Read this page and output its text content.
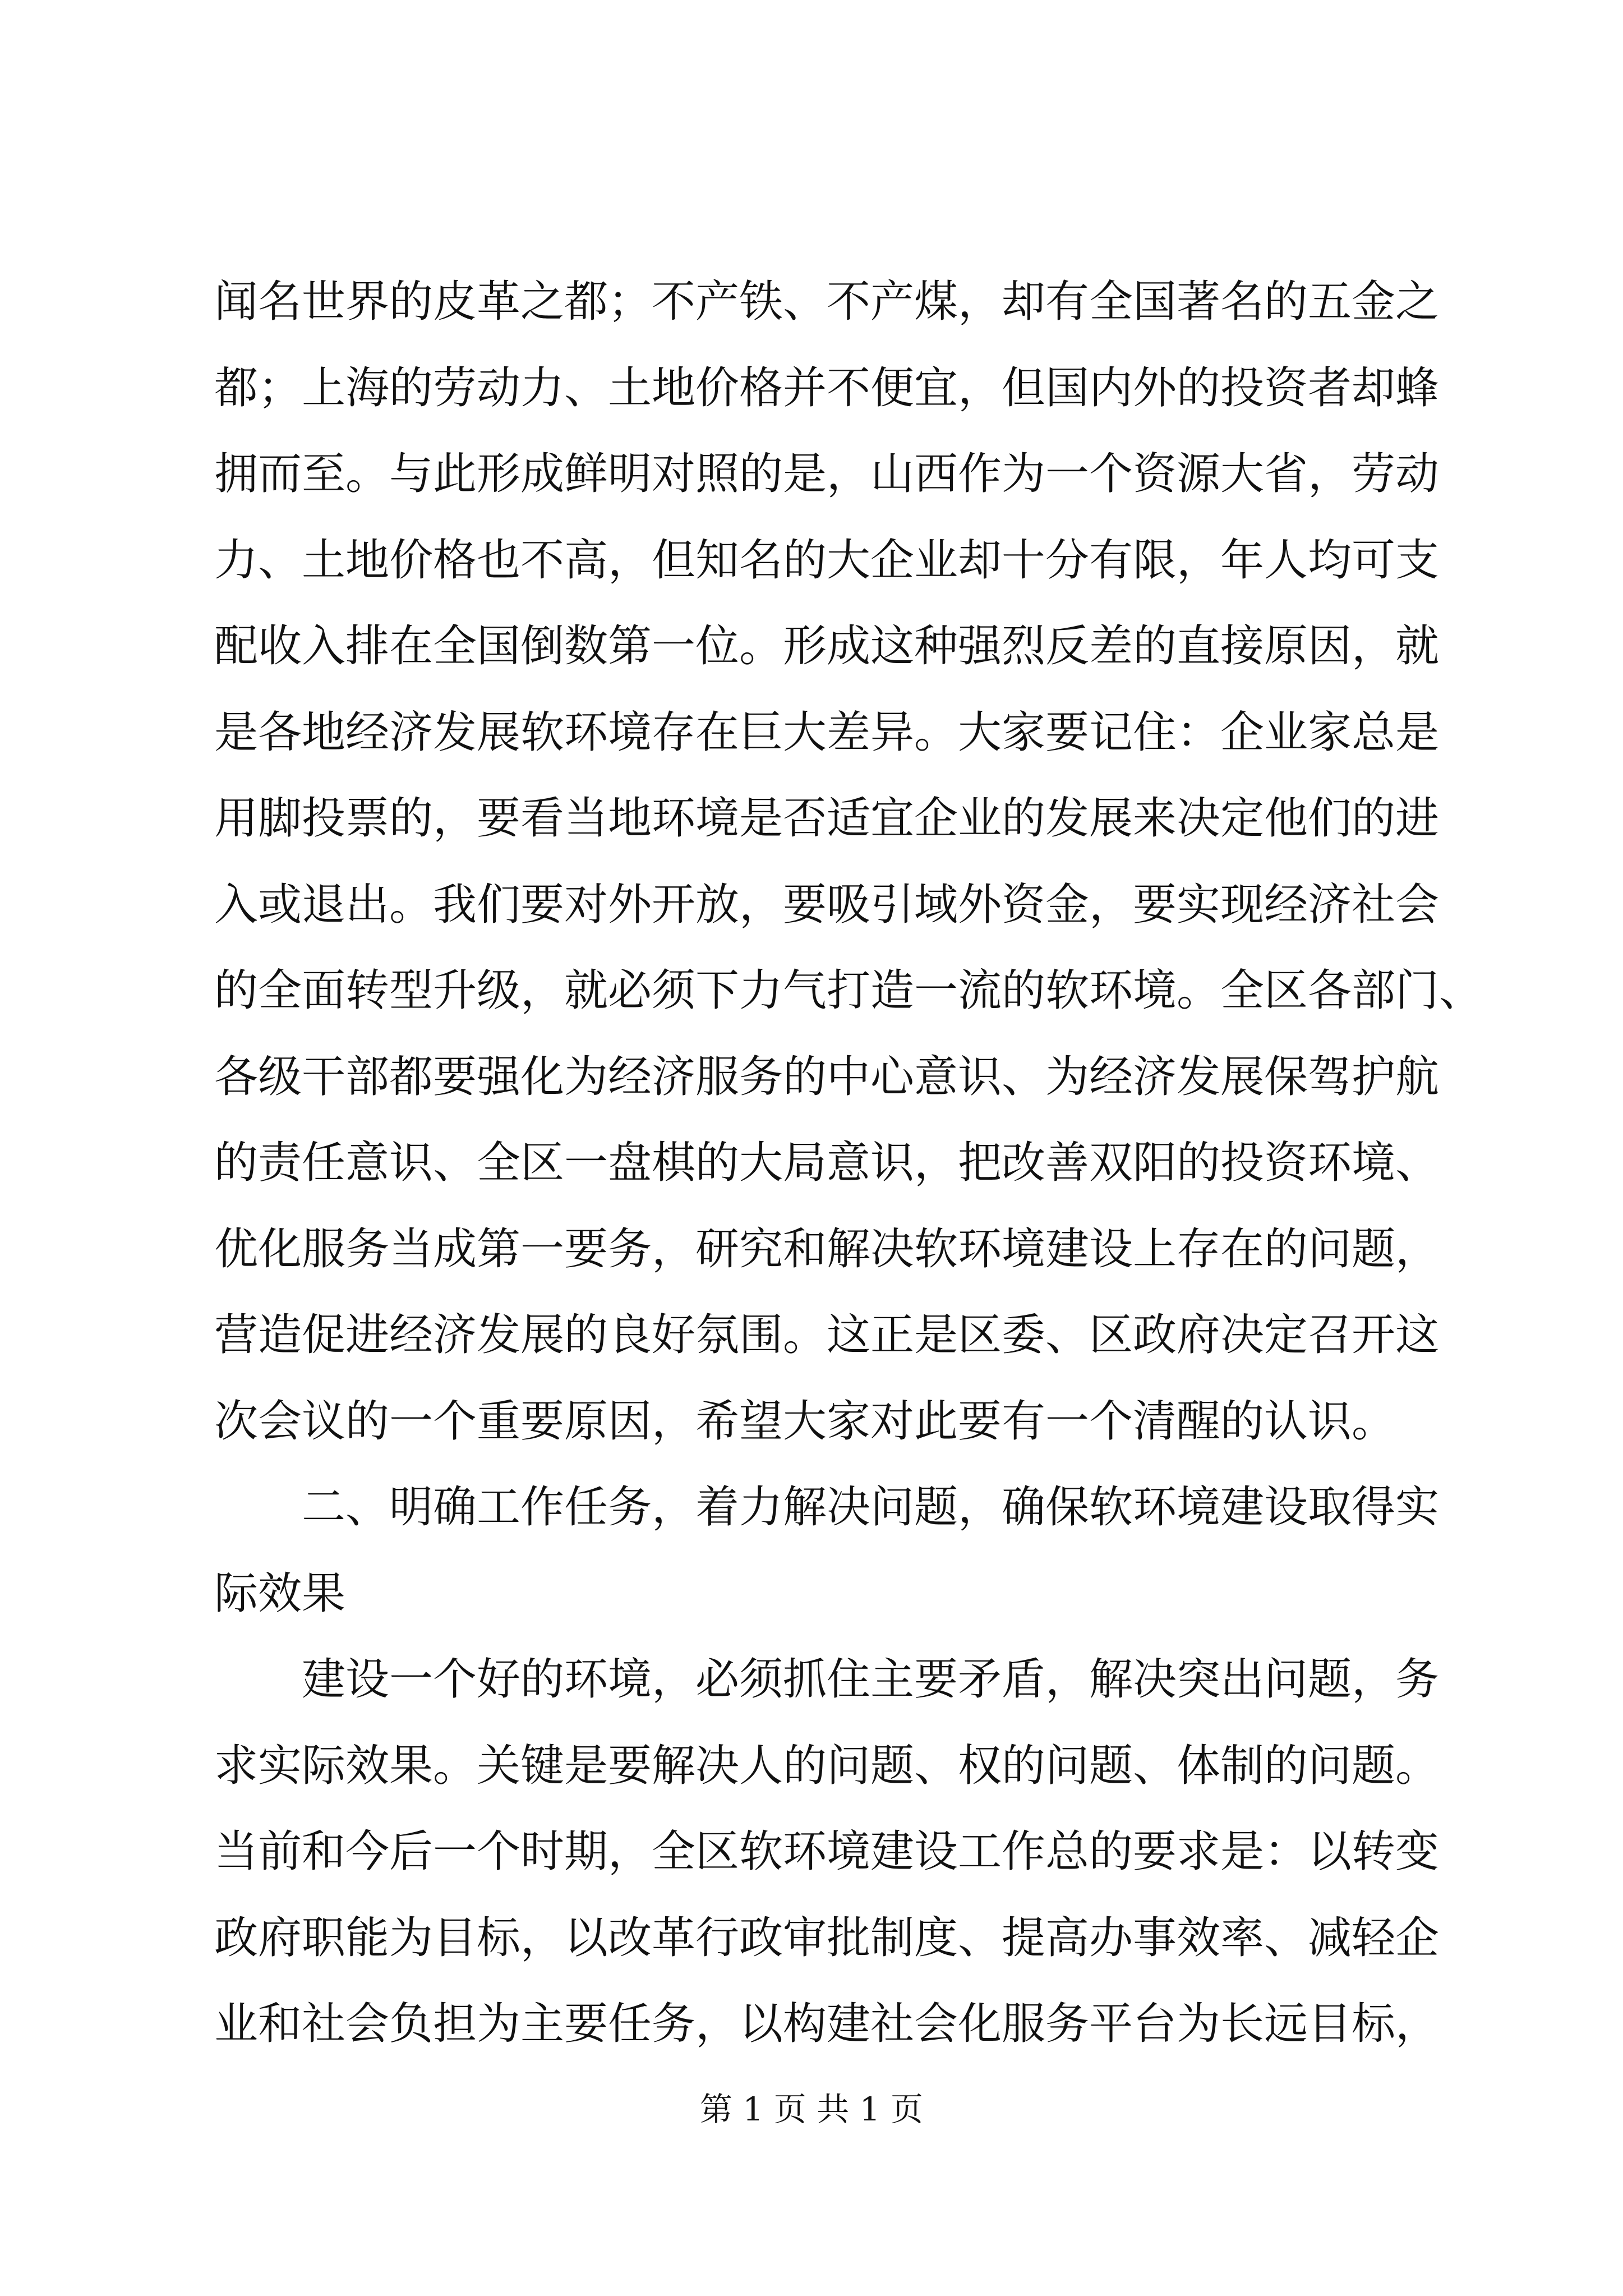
闻名世界的皮革之都；不产铁、不产煤，却有全国著名的五金之
都；上海的劳动力、土地价格并不便宜，但国内外的投资者却蜂
拥而至。与此形成鲜明对照的是，山西作为一个资源大省，劳动
力、土地价格也不高，但知名的大企业却十分有限，年人均可支
配收入排在全国倒数第一位。形成这种强烈反差的直接原因，就
是各地经济发展软环境存在巨大差异。大家要记住：企业家总是
用脚投票的，要看当地环境是否适宜企业的发展来决定他们的进
入或退出。我们要对外开放，要吸引域外资金，要实现经济社会
的全面转型升级，就必须下力气打造一流的软环境。全区各部门、
各级干部都要强化为经济服务的中心意识、为经济发展保驾护航
的责任意识、全区一盘棋的大局意识，把改善双阳的投资环境、
优化服务当成第一要务，研究和解决软环境建设上存在的问题，
营造促进经济发展的良好氛围。这正是区委、区政府决定召开这
次会议的一个重要原因，希望大家对此要有一个清醒的认识。
二、明确工作任务，着力解决问题，确保软环境建设取得实
际效果
建设一个好的环境，必须抓住主要矛盾，解决突出问题，务
求实际效果。关键是要解决人的问题、权的问题、体制的问题。
当前和今后一个时期，全区软环境建设工作总的要求是：以转变
政府职能为目标，以改革行政审批制度、提高办事效率、减轻企
业和社会负担为主要任务，以构建社会化服务平台为长远目标，
第 1 页 共 1 页
